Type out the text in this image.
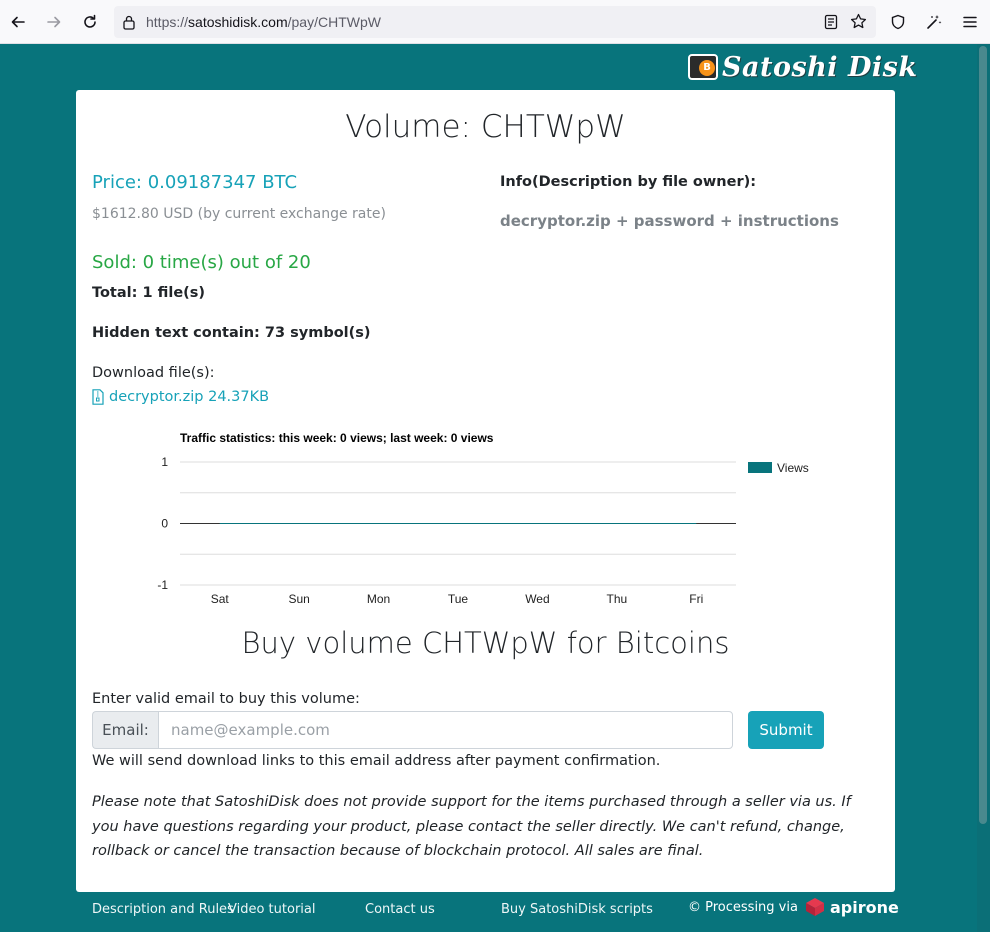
https://satoshidisk.com/pay/CHTWpW
B Satoshi Disk
Volume: CHTWpW
Price: 0.09187347 BTC
$1612.80 USD (by current exchange rate)
Info(Description by file owner):
decryptor.zip + password + instructions
Sold: 0 time(s) out of 20
Total: 1 file(s)
Hidden text contain: 73 symbol(s)
Download file(s):
decryptor.zip 24.37KB
Traffic statistics: this week: 0 views; last week: 0 views
1
0
-1
Sat	Sun	Mon	Tue	Wed	Thu	Fri
Views
Buy volume CHTWpW for Bitcoins
Enter valid email to buy this volume:
Email:
name@example.com	Submit
We will send download links to this email address after payment confirmation.

Please note that SatoshiDisk does not provide support for the items purchased through a seller via us. If you have questions regarding your product, please contact the seller directly. We can't refund, change, rollback or cancel the transaction because of blockchain protocol. All sales are final.

Description and Rules
Video tutorial	Contact us	Buy SatoshiDisk scripts	© Processing via apirone
